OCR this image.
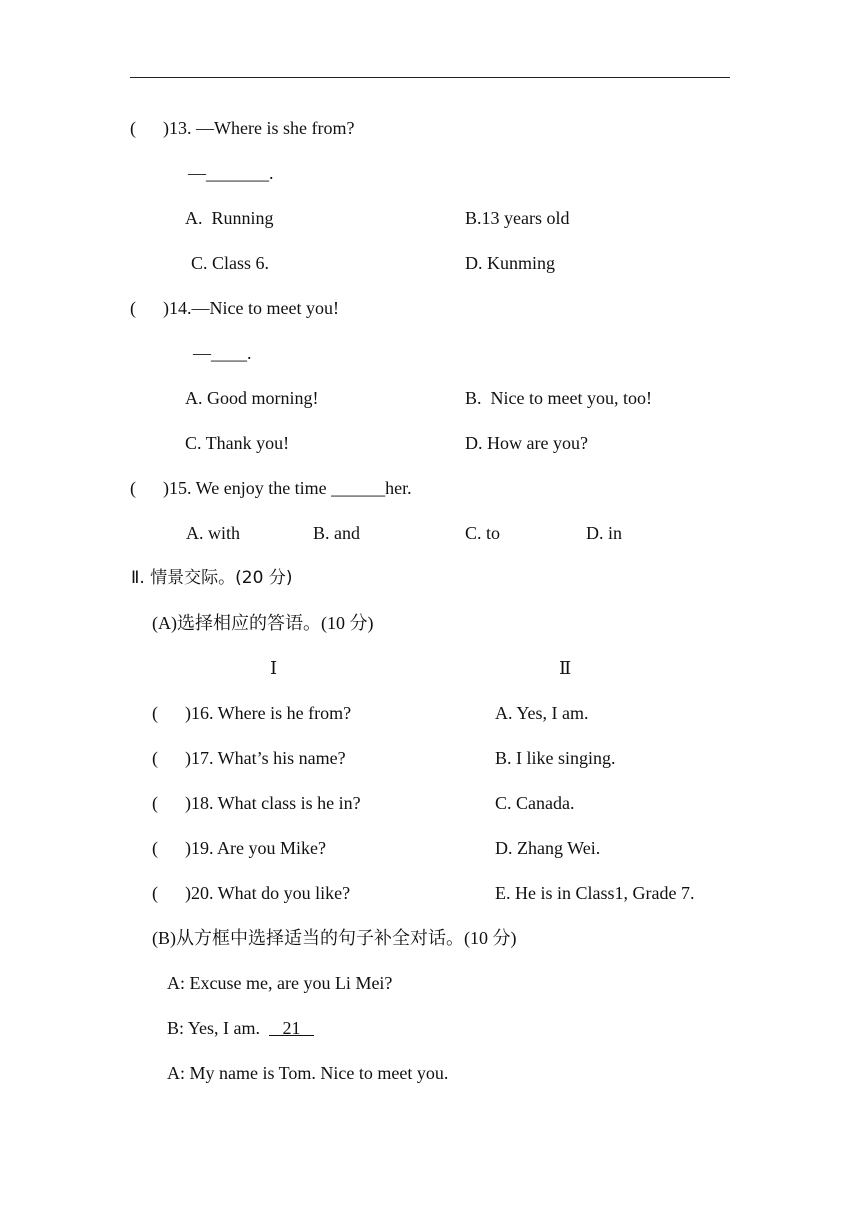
(      )13. —Where is she from?
—_______.
A.  Running	B.13 years old
C. Class 6.	D. Kunming
(      )14.—Nice to meet you!
—____.
A. Good morning!	B.  Nice to meet you, too!
C. Thank you!	D. How are you?
(      )15. We enjoy the time ______her.
A. with	B. and	C. to	D. in
Ⅱ. 情景交际。(20 分)
(A)选择相应的答语。(10 分)
Ⅰ	Ⅱ
(      )16. Where is he from?	A. Yes, I am.
(      )17. What’s his name?	B. I like singing.
(      )18. What class is he in?	C. Canada.
(      )19. Are you Mike?	D. Zhang Wei.
(      )20. What do you like?	E. He is in Class1, Grade 7.
(B)从方框中选择适当的句子补全对话。(10 分)
A: Excuse me, are you Li Mei?
B: Yes, I am.     21
A: My name is Tom. Nice to meet you.
